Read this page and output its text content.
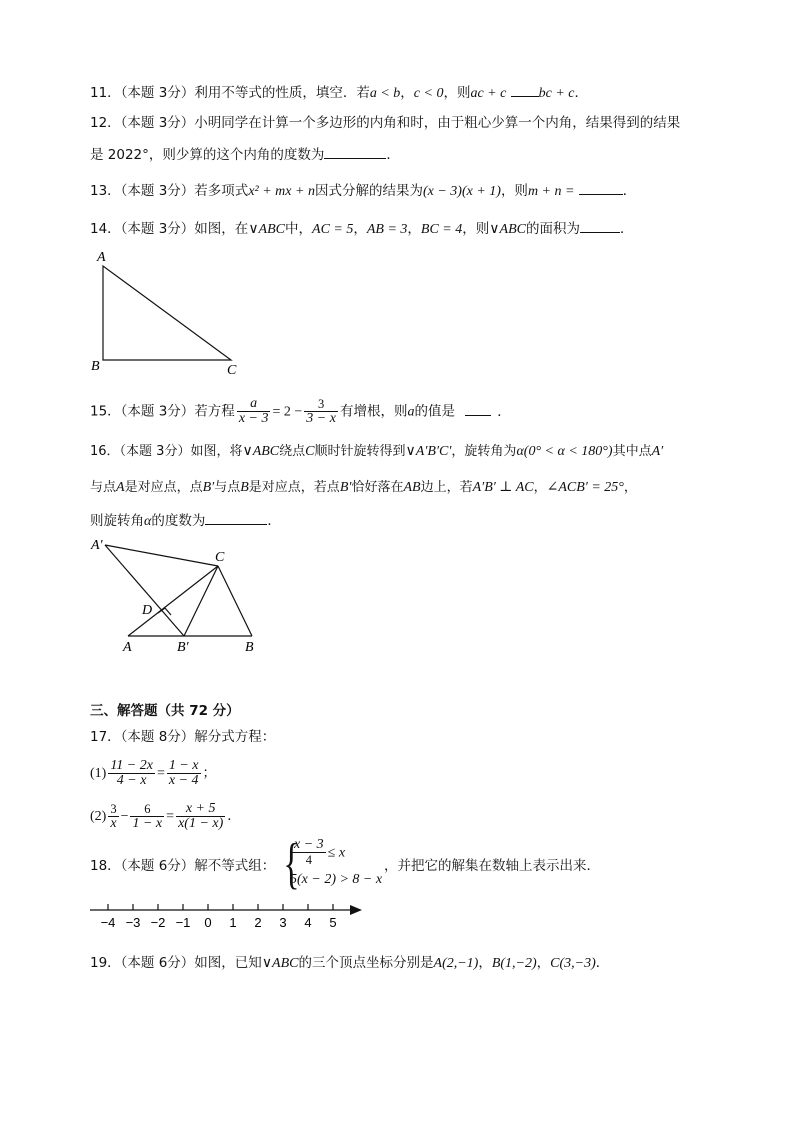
11．（本题 3分）利用不等式的性质，填空．若a < b，c < 0，则ac + c bc + c．
12．（本题 3分）小明同学在计算一个多边形的内角和时，由于粗心少算一个内角，结果得到的结果
是 2022°，则少算的这个内角的度数为	．
13．（本题 3分）若多项式x² + mx + n因式分解的结果为(x − 3)(x + 1)，则m + n =	．
14．（本题 3分）如图，在∨ABC中，AC = 5，AB = 3，BC = 4，则∨ABC的面积为	．
A
B	C
15．（本题 3分）若方程 $\frac{a}{x - 3} = 2 - \frac{3}{3 - x}$ 有增根，则a的值是	．
16．（本题 3分）如图，将∨ABC绕点C顺时针旋转得到∨A′B′C′，旋转角为α(0° < α < 180°)其中点A′
与点A是对应点，点B′与点B是对应点，若点B′恰好落在AB边上，若A′B′ ⊥ AC，∠ACB′ = 25°，
则旋转角α的度数为	．
A′
C
D
A	B′	B
三、解答题（共 72 分）
17．（本题 8分）解分式方程：
$(1) \frac{11 - 2x}{4 - x} = \frac{1 - x}{x - 4}$ ；
$(2) \frac{3}{x} - \frac{6}{1 - x} = \frac{x + 5}{x(1 - x)}$ ．
18．（本题 6分）解不等式组： {
$\frac{x - 3}{4} \le x$
5(x − 2) > 8 − x
，并把它的解集在数轴上表示出来．
−4 −3 −2 −1 0 1 2 3 4 5
19．（本题 6分）如图，已知∨ABC的三个顶点坐标分别是A(2,−1)，B(1,−2)，C(3,−3)．
